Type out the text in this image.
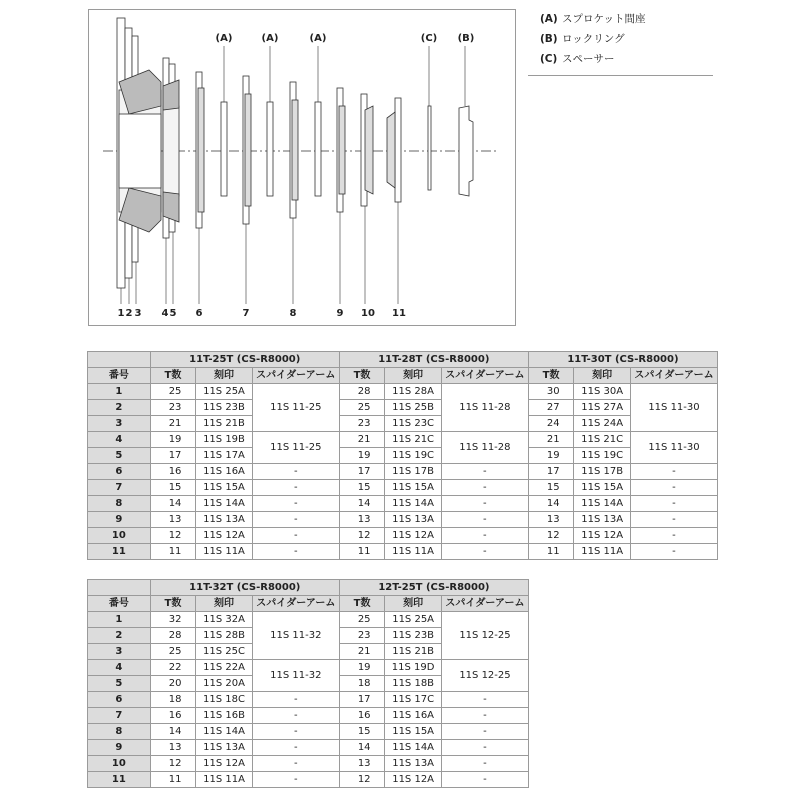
(A)	(A)	(A)	(C) (B)
1 2 3 4 5 6	7	8	9 10 11
(A) スプロケット間座
(B) ロックリング
(C) スペーサー
	11T-25T (CS-R8000)			11T-28T (CS-R8000)			11T-30T (CS-R8000)		
番号	T数	刻印	スパイダーアーム	T数	刻印	スパイダーアーム	T数	刻印	スパイダーアーム
1	25	11S 25A	11S 11-25	28	11S 28A	11S 11-28	30	11S 30A	11S 11-30
2	23	11S 23B		25	11S 25B		27	11S 27A	
3	21	11S 21B		23	11S 23C		24	11S 24A	
4	19	11S 19B	11S 11-25	21	11S 21C	11S 11-28	21	11S 21C	11S 11-30
5	17	11S 17A		19	11S 19C		19	11S 19C	
6	16	11S 16A	-	17	11S 17B	-	17	11S 17B	-
7	15	11S 15A	-	15	11S 15A	-	15	11S 15A	-
8	14	11S 14A	-	14	11S 14A	-	14	11S 14A	-
9	13	11S 13A	-	13	11S 13A	-	13	11S 13A	-
10	12	11S 12A	-	12	11S 12A	-	12	11S 12A	-
11	11	11S 11A	-	11	11S 11A	-	11	11S 11A	-
	11T-32T (CS-R8000)			12T-25T (CS-R8000)		
番号	T数	刻印	スパイダーアーム	T数	刻印	スパイダーアーム
1	32	11S 32A	11S 11-32	25	11S 25A	11S 12-25
2	28	11S 28B		23	11S 23B	
3	25	11S 25C		21	11S 21B	
4	22	11S 22A	11S 11-32	19	11S 19D	11S 12-25
5	20	11S 20A		18	11S 18B	
6	18	11S 18C	-	17	11S 17C	-
7	16	11S 16B	-	16	11S 16A	-
8	14	11S 14A	-	15	11S 15A	-
9	13	11S 13A	-	14	11S 14A	-
10	12	11S 12A	-	13	11S 13A	-
11	11	11S 11A	-	12	11S 12A	-
